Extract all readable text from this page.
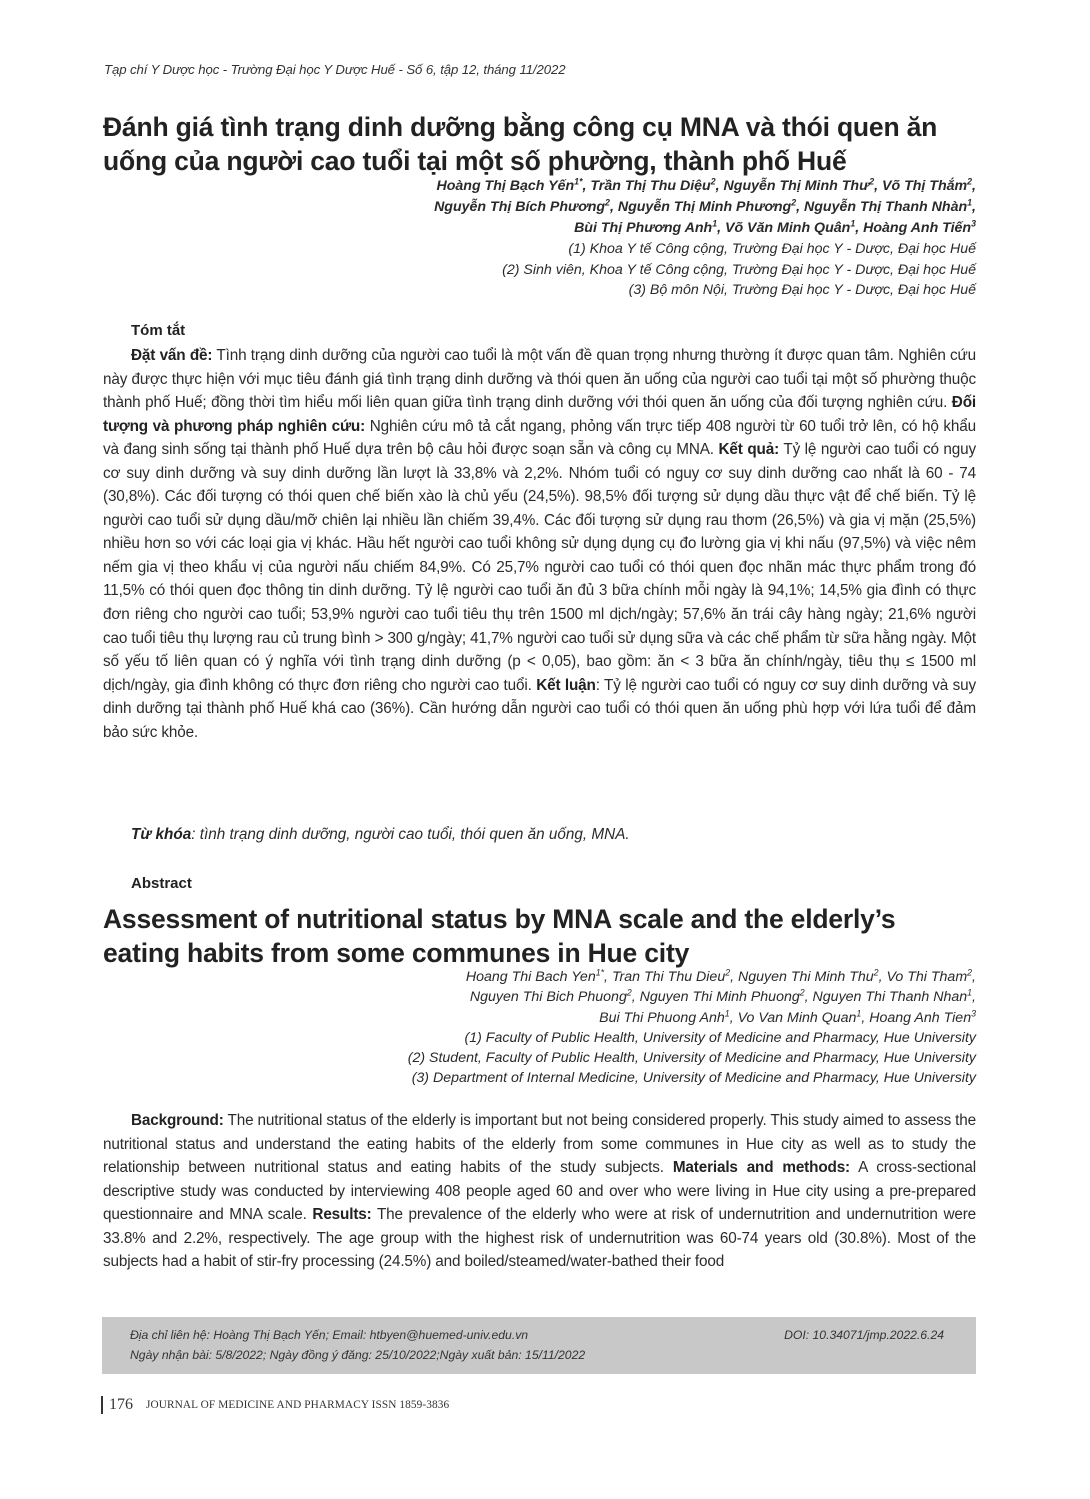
Tạp chí Y Dược học - Trường Đại học Y Dược Huế - Số 6, tập 12, tháng 11/2022
Đánh giá tình trạng dinh dưỡng bằng công cụ MNA và thói quen ăn
uống của người cao tuổi tại một số phường, thành phố Huế
Hoàng Thị Bạch Yến$^{1*}$, Trần Thị Thu Diệu$^2$, Nguyễn Thị Minh Thư$^2$, Võ Thị Thắm$^2$,
Nguyễn Thị Bích Phương$^2$, Nguyễn Thị Minh Phương$^2$, Nguyễn Thị Thanh Nhàn$^1$,
Bùi Thị Phương Anh$^1$, Võ Văn Minh Quân$^1$, Hoàng Anh Tiến$^3$
(1) Khoa Y tế Công cộng, Trường Đại học Y - Dược, Đại học Huế
(2) Sinh viên, Khoa Y tế Công cộng, Trường Đại học Y - Dược, Đại học Huế
(3) Bộ môn Nội, Trường Đại học Y - Dược, Đại học Huế
Tóm tắt

Đặt vấn đề: Tình trạng dinh dưỡng của người cao tuổi là một vấn đề quan trọng nhưng thường ít được quan tâm. Nghiên cứu này được thực hiện với mục tiêu đánh giá tình trạng dinh dưỡng và thói quen ăn uống của người cao tuổi tại một số phường thuộc thành phố Huế; đồng thời tìm hiểu mối liên quan giữa tình trạng dinh dưỡng với thói quen ăn uống của đối tượng nghiên cứu. Đối tượng và phương pháp nghiên cứu: Nghiên cứu mô tả cắt ngang, phỏng vấn trực tiếp 408 người từ 60 tuổi trở lên, có hộ khẩu và đang sinh sống tại thành phố Huế dựa trên bộ câu hỏi được soạn sẵn và công cụ MNA. Kết quả: Tỷ lệ người cao tuổi có nguy cơ suy dinh dưỡng và suy dinh dưỡng lần lượt là 33,8% và 2,2%. Nhóm tuổi có nguy cơ suy dinh dưỡng cao nhất là 60 - 74 (30,8%). Các đối tượng có thói quen chế biến xào là chủ yếu (24,5%). 98,5% đối tượng sử dụng dầu thực vật để chế biến. Tỷ lệ người cao tuổi sử dụng dầu/mỡ chiên lại nhiều lần chiếm 39,4%. Các đối tượng sử dụng rau thơm (26,5%) và gia vị mặn (25,5%) nhiều hơn so với các loại gia vị khác. Hầu hết người cao tuổi không sử dụng dụng cụ đo lường gia vị khi nấu (97,5%) và việc nêm nếm gia vị theo khẩu vị của người nấu chiếm 84,9%. Có 25,7% người cao tuổi có thói quen đọc nhãn mác thực phẩm trong đó 11,5% có thói quen đọc thông tin dinh dưỡng. Tỷ lệ người cao tuổi ăn đủ 3 bữa chính mỗi ngày là 94,1%; 14,5% gia đình có thực đơn riêng cho người cao tuổi; 53,9% người cao tuổi tiêu thụ trên 1500 ml dịch/ngày; 57,6% ăn trái cây hàng ngày; 21,6% người cao tuổi tiêu thụ lượng rau củ trung bình > 300 g/ngày; 41,7% người cao tuổi sử dụng sữa và các chế phẩm từ sữa hằng ngày. Một số yếu tố liên quan có ý nghĩa với tình trạng dinh dưỡng (p < 0,05), bao gồm: ăn < 3 bữa ăn chính/ngày, tiêu thụ ≤ 1500 ml dịch/ngày, gia đình không có thực đơn riêng cho người cao tuổi. Kết luận: Tỷ lệ người cao tuổi có nguy cơ suy dinh dưỡng và suy dinh dưỡng tại thành phố Huế khá cao (36%). Cần hướng dẫn người cao tuổi có thói quen ăn uống phù hợp với lứa tuổi để đảm bảo sức khỏe.

Từ khóa: tình trạng dinh dưỡng, người cao tuổi, thói quen ăn uống, MNA.
Abstract
Assessment of nutritional status by MNA scale and the elderly’s
eating habits from some communes in Hue city
Hoang Thi Bach Yen$^{1*}$, Tran Thi Thu Dieu$^2$, Nguyen Thi Minh Thu$^2$, Vo Thi Tham$^2$,
Nguyen Thi Bich Phuong$^2$, Nguyen Thi Minh Phuong$^2$, Nguyen Thi Thanh Nhan$^1$,
Bui Thi Phuong Anh$^1$, Vo Van Minh Quan$^1$, Hoang Anh Tien$^3$
(1) Faculty of Public Health, University of Medicine and Pharmacy, Hue University
(2) Student, Faculty of Public Health, University of Medicine and Pharmacy, Hue University
(3) Department of Internal Medicine, University of Medicine and Pharmacy, Hue University

Background: The nutritional status of the elderly is important but not being considered properly. This study aimed to assess the nutritional status and understand the eating habits of the elderly from some communes in Hue city as well as to study the relationship between nutritional status and eating habits of the study subjects. Materials and methods: A cross-sectional descriptive study was conducted by interviewing 408 people aged 60 and over who were living in Hue city using a pre-prepared questionnaire and MNA scale. Results: The prevalence of the elderly who were at risk of undernutrition and undernutrition were 33.8% and 2.2%, respectively. The age group with the highest risk of undernutrition was 60-74 years old (30.8%). Most of the subjects had a habit of stir-fry processing (24.5%) and boiled/steamed/water-bathed their food

Địa chỉ liên hệ: Hoàng Thị Bạch Yến; Email: htbyen@huemed-univ.edu.vn
Ngày nhận bài: 5/8/2022; Ngày đồng ý đăng: 25/10/2022;Ngày xuất bản: 15/11/2022
DOI: 10.34071/jmp.2022.6.24
176 JOURNAL OF MEDICINE AND PHARMACY ISSN 1859-3836
